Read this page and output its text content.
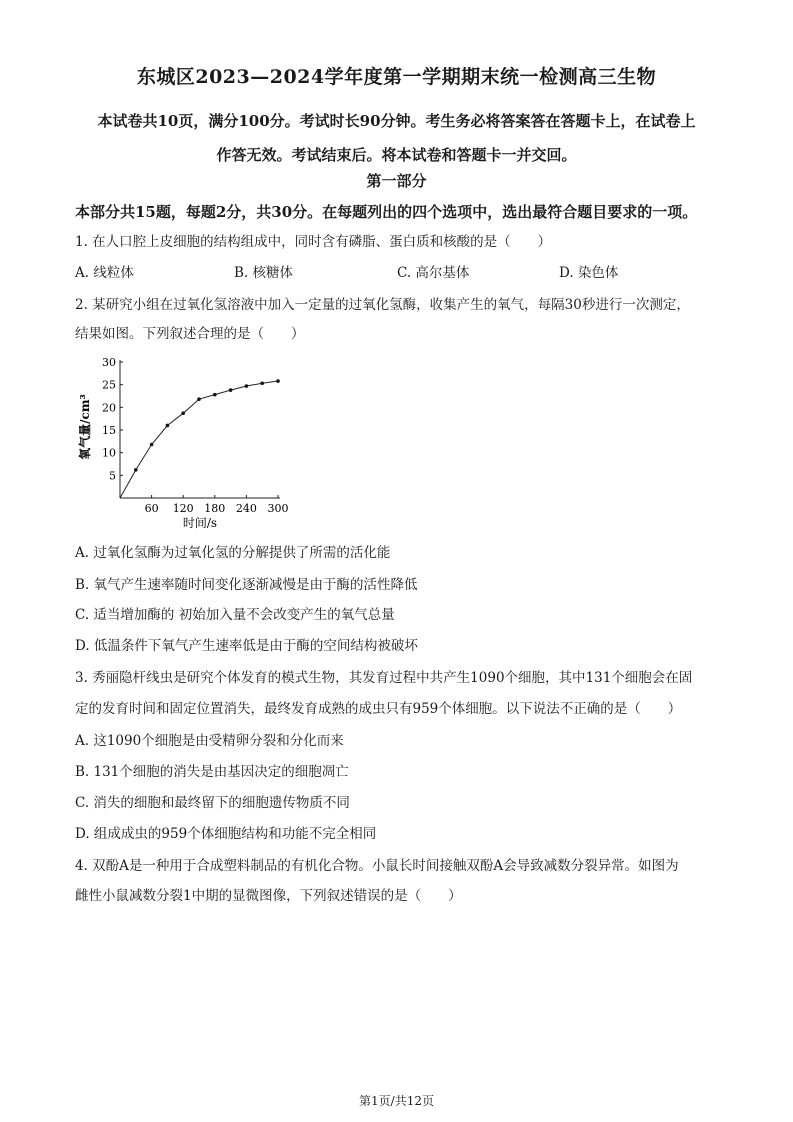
东城区2023—2024学年度第一学期期末统一检测高三生物
本试卷共10页，满分100分。考试时长90分钟。考生务必将答案答在答题卡上，在试卷上
作答无效。考试结束后。将本试卷和答题卡一并交回。
第一部分
本部分共15题，每题2分，共30分。在每题列出的四个选项中，选出最符合题目要求的一项。
1. 在人口腔上皮细胞的结构组成中，同时含有磷脂、蛋白质和核酸的是（　　）
A. 线粒体	B. 核糖体	C. 高尔基体	D. 染色体
2. 某研究小组在过氧化氢溶液中加入一定量的过氧化氢酶，收集产生的氧气，每隔30秒进行一次测定，
结果如图。下列叙述合理的是（　　）
60 120 180 240 300
5
10
15
20
25
30
时间/s
氧气量/cm³
A. 过氧化氢酶为过氧化氢的分解提供了所需的活化能
B. 氧气产生速率随时间变化逐渐减慢是由于酶的活性降低
C. 适当增加酶的 初始加入量不会改变产生的氧气总量
D. 低温条件下氧气产生速率低是由于酶的空间结构被破坏
3. 秀丽隐杆线虫是研究个体发育的模式生物，其发育过程中共产生1090个细胞，其中131个细胞会在固
定的发育时间和固定位置消失，最终发育成熟的成虫只有959个体细胞。以下说法不正确的是（　　）
A. 这1090个细胞是由受精卵分裂和分化而来
B. 131个细胞的消失是由基因决定的细胞凋亡
C. 消失的细胞和最终留下的细胞遗传物质不同
D. 组成成虫的959个体细胞结构和功能不完全相同
4. 双酚A是一种用于合成塑料制品的有机化合物。小鼠长时间接触双酚A会导致减数分裂异常。如图为
雌性小鼠减数分裂1中期的显微图像，下列叙述错误的是（　　）
第1页/共12页
